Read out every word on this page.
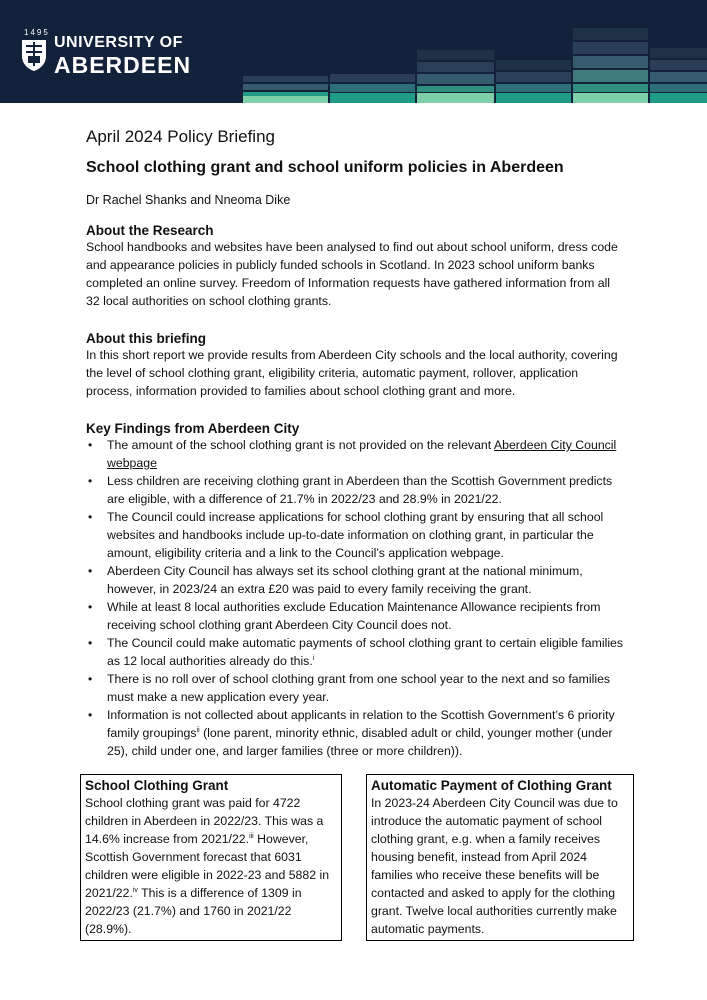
1495
UNIVERSITY OF
ABERDEEN
April 2024 Policy Briefing
School clothing grant and school uniform policies in Aberdeen
Dr Rachel Shanks and Nneoma Dike

About the Research

School handbooks and websites have been analysed to find out about school uniform, dress code and appearance policies in publicly funded schools in Scotland. In 2023 school uniform banks completed an online survey. Freedom of Information requests have gathered information from all 32 local authorities on school clothing grants.

About this briefing

In this short report we provide results from Aberdeen City schools and the local authority, covering the level of school clothing grant, eligibility criteria, automatic payment, rollover, application process, information provided to families about school clothing grant and more.

Key Findings from Aberdeen City

• The amount of the school clothing grant is not provided on the relevant Aberdeen City Council webpage
• Less children are receiving clothing grant in Aberdeen than the Scottish Government predicts are eligible, with a difference of 21.7% in 2022/23 and 28.9% in 2021/22.
• The Council could increase applications for school clothing grant by ensuring that all school websites and handbooks include up-to-date information on clothing grant, in particular the amount, eligibility criteria and a link to the Council’s application webpage.
• Aberdeen City Council has always set its school clothing grant at the national minimum, however, in 2023/24 an extra £20 was paid to every family receiving the grant.
• While at least 8 local authorities exclude Education Maintenance Allowance recipients from receiving school clothing grant Aberdeen City Council does not.
• The Council could make automatic payments of school clothing grant to certain eligible families as 12 local authorities already do this.$^i$
• There is no roll over of school clothing grant from one school year to the next and so families must make a new application every year.
• Information is not collected about applicants in relation to the Scottish Government’s 6 priority family groupings$^{ii}$ (lone parent, minority ethnic, disabled adult or child, younger mother (under 25), child under one, and larger families (three or more children)).

School Clothing Grant

School clothing grant was paid for 4722 children in Aberdeen in 2022/23. This was a 14.6% increase from 2021/22.$^{iii}$ However, Scottish Government forecast that 6031 children were eligible in 2022-23 and 5882 in 2021/22.$^{iv}$ This is a difference of 1309 in 2022/23 (21.7%) and 1760 in 2021/22 (28.9%).

Automatic Payment of Clothing Grant

In 2023-24 Aberdeen City Council was due to introduce the automatic payment of school clothing grant, e.g. when a family receives housing benefit, instead from April 2024 families who receive these benefits will be contacted and asked to apply for the clothing grant. Twelve local authorities currently make automatic payments.
